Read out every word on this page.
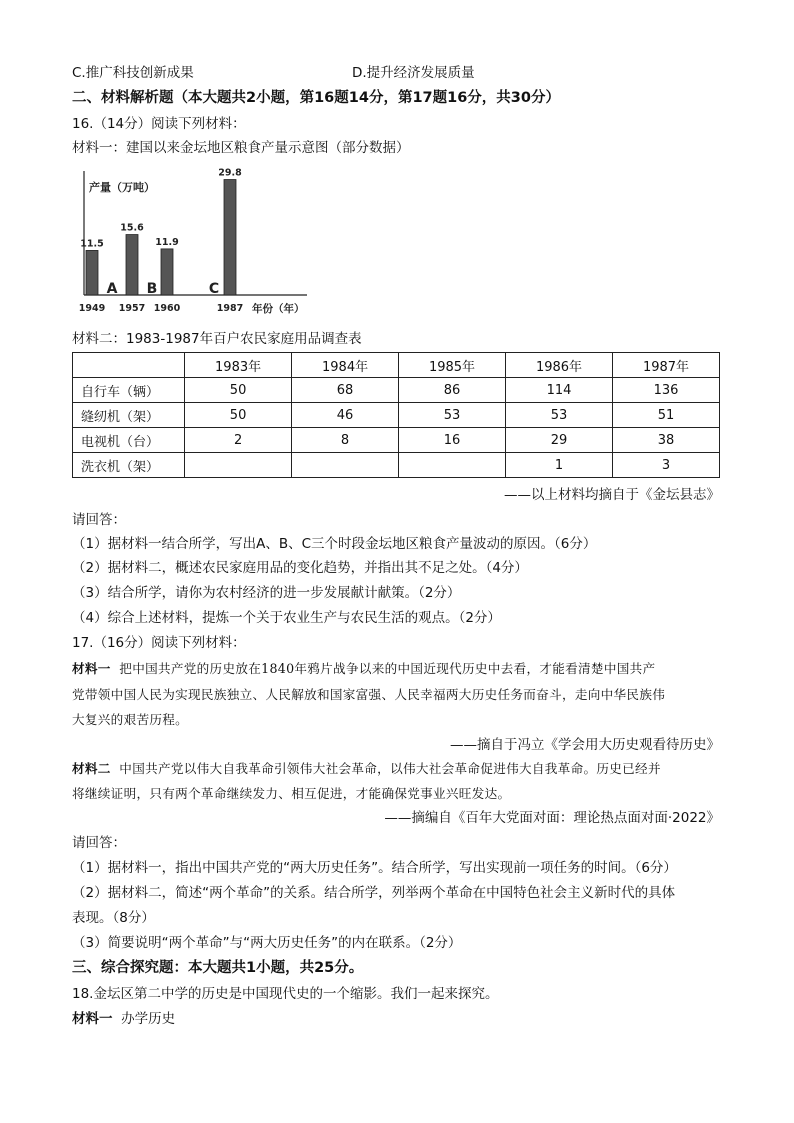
C.推广科技创新成果	D.提升经济发展质量
二、材料解析题（本大题共2小题，第16题14分，第17题16分，共30分）
16.（14分）阅读下列材料：
材料一：建国以来金坛地区粮食产量示意图（部分数据）
产量（万吨）
年份（年）
11.5
1949
15.6
1957
11.9
1960
29.8
1987
A B	C
材料二：1983-1987年百户农民家庭用品调查表
	1983年	1984年	1985年	1986年	1987年
自行车（辆）	50	68	86	114	136
缝纫机（架）	50	46	53	53	51
电视机（台）	2	8	16	29	38
洗衣机（架）				1	3
——以上材料均摘自于《金坛县志》
请回答：
（1）据材料一结合所学，写出A、B、C三个时段金坛地区粮食产量波动的原因。（6分）
（2）据材料二，概述农民家庭用品的变化趋势，并指出其不足之处。（4分）
（3）结合所学，请你为农村经济的进一步发展献计献策。（2分）
（4）综合上述材料，提炼一个关于农业生产与农民生活的观点。（2分）
17.（16分）阅读下列材料：
材料一 把中国共产党的历史放在1840年鸦片战争以来的中国近现代历史中去看，才能看清楚中国共产
党带领中国人民为实现民族独立、人民解放和国家富强、人民幸福两大历史任务而奋斗，走向中华民族伟
大复兴的艰苦历程。
——摘自于冯立《学会用大历史观看待历史》
材料二 中国共产党以伟大自我革命引领伟大社会革命，以伟大社会革命促进伟大自我革命。历史已经并
将继续证明，只有两个革命继续发力、相互促进，才能确保党事业兴旺发达。
——摘编自《百年大党面对面：理论热点面对面·2022》
请回答：
（1）据材料一，指出中国共产党的“两大历史任务”。结合所学，写出实现前一项任务的时间。（6分）
（2）据材料二，简述“两个革命”的关系。结合所学，列举两个革命在中国特色社会主义新时代的具体
表现。（8分）
（3）简要说明“两个革命”与“两大历史任务”的内在联系。（2分）
三、综合探究题：本大题共1小题，共25分。
18.金坛区第二中学的历史是中国现代史的一个缩影。我们一起来探究。
材料一 办学历史
